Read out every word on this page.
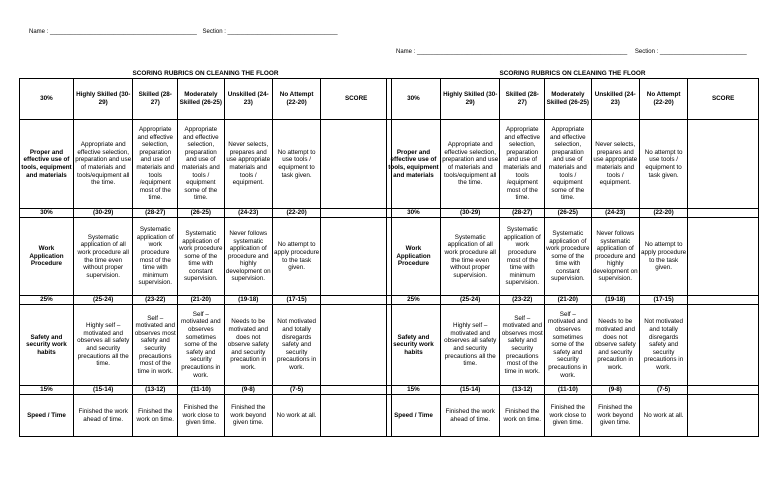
Name : ____________________________________________ Section : _________________________________
Name : _______________________________________________________________ Section : __________________________
SCORING RUBRICS ON CLEANING THE FLOOR
30%	Highly Skilled (30-29)	Skilled (28-27)	Moderately Skilled (26-25)	Unskilled (24-23)	No Attempt (22-20)	SCORE
Proper and effective use of tools, equipment and materials	Appropriate and effective selection, preparation and use of materials and tools/equipment all the time.	Appropriate and effective selection, preparation and use of materials and tools /equipment most of the time.	Appropriate and effective selection, preparation and use of materials and tools / equipment some of the time.	Never selects, prepares and use appropriate materials and tools / equipment.	No attempt to use tools / equipment to task given.	
30%	(30-29)	(28-27)	(26-25)	(24-23)	(22-20)	
Work Application Procedure	Systematic application of all work procedure all the time even without proper supervision.	Systematic application of work procedure most of the time with minimum supervision.	Systematic application of work procedure some of the time with constant supervision.	Never follows systematic application of procedure and highly development on supervision.	No attempt to apply procedure to the task given.	
25%	(25-24)	(23-22)	(21-20)	(19-18)	(17-15)	
Safety and security work habits	Highly self – motivated and observes all safety and security precautions all the time.	Self – motivated and observes most safety and security precautions most of the time in work.	Self – motivated and observes sometimes some of the safety and security precautions in work.	Needs to be motivated and does not observe safety and security precaution in work.	Not motivated and totally disregards safety and security precautions in work.	
15%	(15-14)	(13-12)	(11-10)	(9-8)	(7-5)	
Speed / Time	Finished the work ahead of time.	Finished the work on time.	Finished the work close to given time.	Finished the work beyond given time.	No work at all.	
SCORING RUBRICS ON CLEANING THE FLOOR
30%	Highly Skilled (30-29)	Skilled (28-27)	Moderately Skilled (26-25)	Unskilled (24-23)	No Attempt (22-20)	SCORE
Proper and effective use of tools, equipment and materials	Appropriate and effective selection, preparation and use of materials and tools/equipment all the time.	Appropriate and effective selection, preparation and use of materials and tools /equipment most of the time.	Appropriate and effective selection, preparation and use of materials and tools / equipment some of the time.	Never selects, prepares and use appropriate materials and tools / equipment.	No attempt to use tools / equipment to task given.	
30%	(30-29)	(28-27)	(26-25)	(24-23)	(22-20)	
Work Application Procedure	Systematic application of all work procedure all the time even without proper supervision.	Systematic application of work procedure most of the time with minimum supervision.	Systematic application of work procedure some of the time with constant supervision.	Never follows systematic application of procedure and highly development on supervision.	No attempt to apply procedure to the task given.	
25%	(25-24)	(23-22)	(21-20)	(19-18)	(17-15)	
Safety and security work habits	Highly self – motivated and observes all safety and security precautions all the time.	Self – motivated and observes most safety and security precautions most of the time in work.	Self – motivated and observes sometimes some of the safety and security precautions in work.	Needs to be motivated and does not observe safety and security precaution in work.	Not motivated and totally disregards safety and security precautions in work.	
15%	(15-14)	(13-12)	(11-10)	(9-8)	(7-5)	
Speed / Time	Finished the work ahead of time.	Finished the work on time.	Finished the work close to given time.	Finished the work beyond given time.	No work at all.	
